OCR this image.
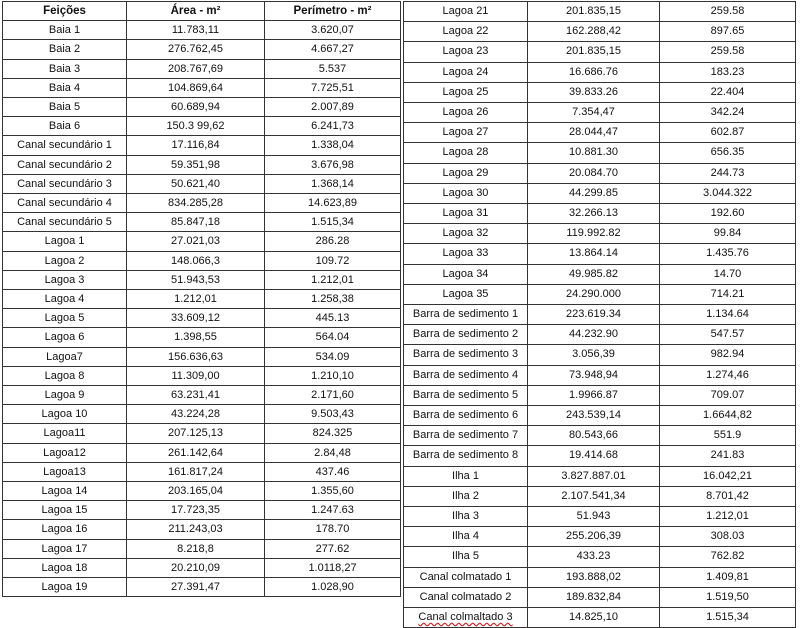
Feições	Área - m²	Perímetro - m²
Baia 1	11.783,11	3.620,07
Baia 2	276.762,45	4.667,27
Baia 3	208.767,69	5.537
Baia 4	104.869,64	7.725,51
Baia 5	60.689,94	2.007,89
Baia 6	150.3 99,62	6.241,73
Canal secundário 1	17.116,84	1.338,04
Canal secundário 2	59.351,98	3.676,98
Canal secundário 3	50.621,40	1.368,14
Canal secundário 4	834.285,28	14.623,89
Canal secundário 5	85.847,18	1.515,34
Lagoa 1	27.021,03	286.28
Lagoa 2	148.066,3	109.72
Lagoa 3	51.943,53	1.212,01
Lagoa 4	1.212,01	1.258,38
Lagoa 5	33.609,12	445.13
Lagoa 6	1.398,55	564.04
Lagoa7	156.636,63	534.09
Lagoa 8	11.309,00	1.210,10
Lagoa 9	63.231,41	2.171,60
Lagoa 10	43.224,28	9.503,43
Lagoa11	207.125,13	824.325
Lagoa12	261.142,64	2.84,48
Lagoa13	161.817,24	437.46
Lagoa 14	203.165,04	1.355,60
Lagoa 15	17.723,35	1.247.63
Lagoa 16	211.243,03	178.70
Lagoa 17	8.218,8	277.62
Lagoa 18	20.210,09	1.0118,27
Lagoa 19	27.391,47	1.028,90
Lagoa 21	201.835,15	259.58
Lagoa 22	162.288,42	897.65
Lagoa 23	201.835,15	259.58
Lagoa 24	16.686.76	183.23
Lagoa 25	39.833.26	22.404
Lagoa 26	7.354,47	342.24
Lagoa 27	28.044,47	602.87
Lagoa 28	10.881.30	656.35
Lagoa 29	20.084.70	244.73
Lagoa 30	44.299.85	3.044.322
Lagoa 31	32.266.13	192.60
Lagoa 32	119.992.82	99.84
Lagoa 33	13.864.14	1.435.76
Lagoa 34	49.985.82	14.70
Lagoa 35	24.290.000	714.21
Barra de sedimento 1	223.619.34	1.134.64
Barra de sedimento 2	44.232.90	547.57
Barra de sedimento 3	3.056,39	982.94
Barra de sedimento 4	73.948,94	1.274,46
Barra de sedimento 5	1.9966.87	709.07
Barra de sedimento 6	243.539,14	1.6644,82
Barra de sedimento 7	80.543,66	551.9
Barra de sedimento 8	19.414.68	241.83
Ilha 1	3.827.887.01	16.042,21
Ilha 2	2.107.541,34	8.701,42
Ilha 3	51.943	1.212,01
Ilha 4	255.206,39	308.03
Ilha 5	433.23	762.82
Canal colmatado 1	193.888,02	1.409,81
Canal colmatado 2	189.832,84	1.519,50
Canal colmaltado 3	14.825,10	1.515,34
